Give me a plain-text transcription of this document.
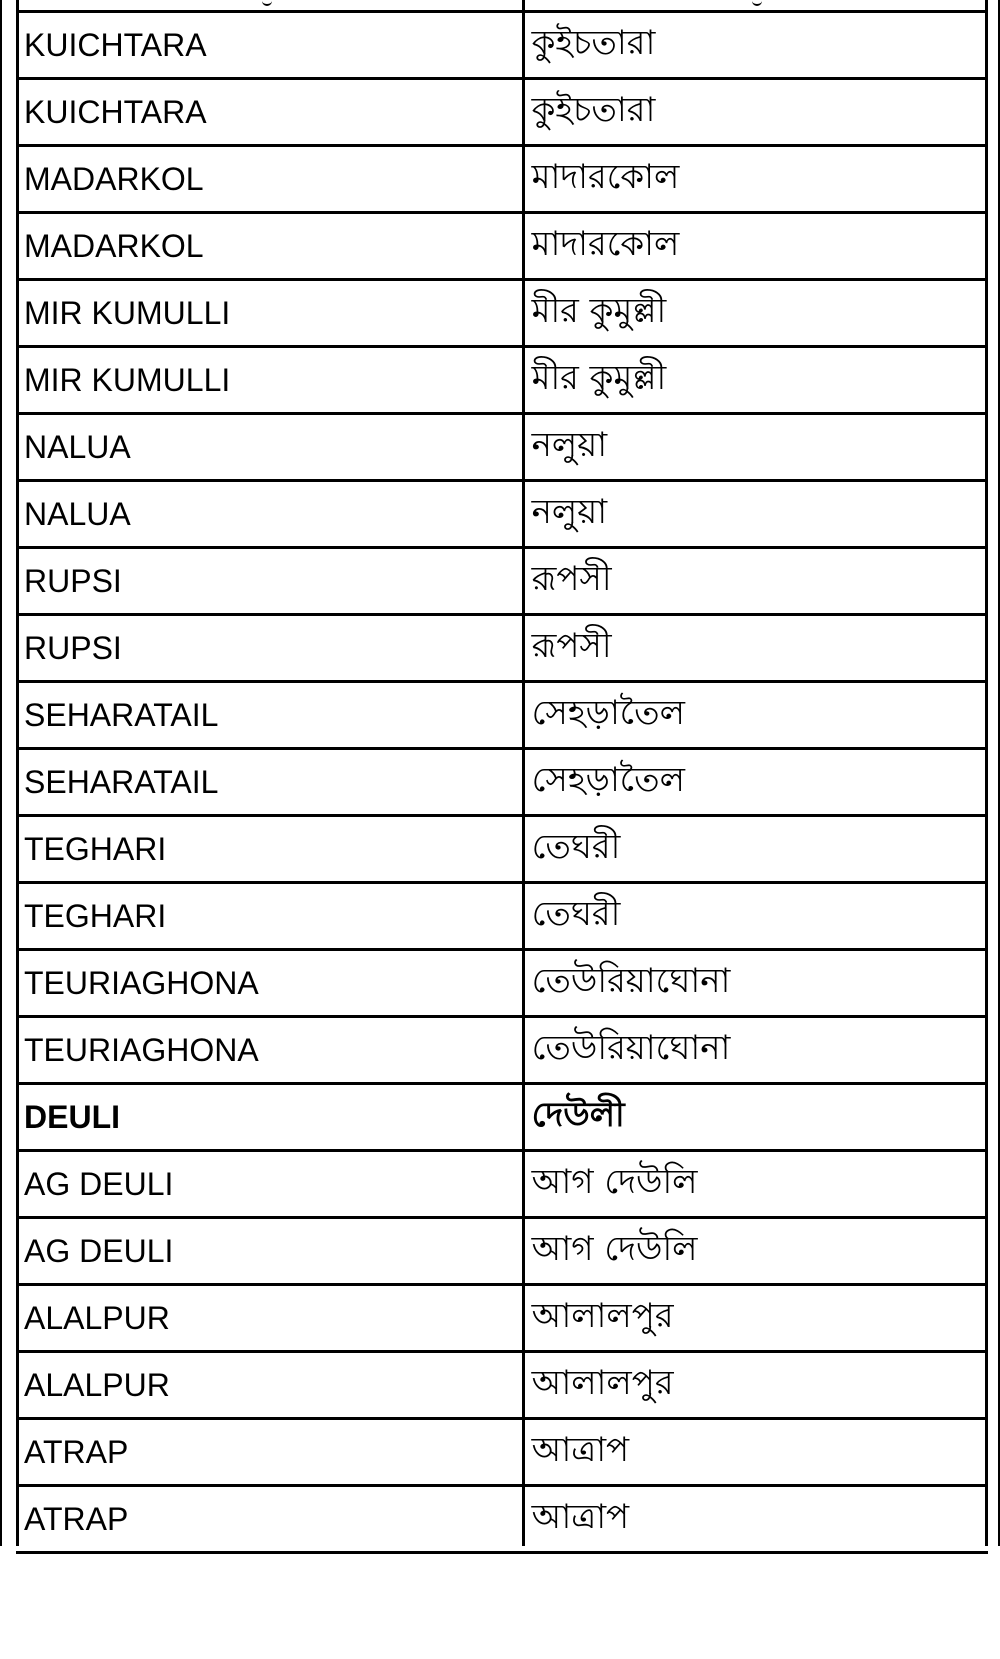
KUICHTARA	কুইচতারা
KUICHTARA	কুইচতারা
MADARKOL	মাদারকোল
MADARKOL	মাদারকোল
MIR KUMULLI	মীর কুমুল্লী
MIR KUMULLI	মীর কুমুল্লী
NALUA	নলুয়া
NALUA	নলুয়া
RUPSI	রূপসী
RUPSI	রূপসী
SEHARATAIL	সেহড়াতৈল
SEHARATAIL	সেহড়াতৈল
TEGHARI	তেঘরী
TEGHARI	তেঘরী
TEURIAGHONA	তেউরিয়াঘোনা
TEURIAGHONA	তেউরিয়াঘোনা
DEULI	দেউলী
AG DEULI	আগ দেউলি
AG DEULI	আগ দেউলি
ALALPUR	আলালপুর
ALALPUR	আলালপুর
ATRAP	আত্রাপ
ATRAP	আত্রাপ
